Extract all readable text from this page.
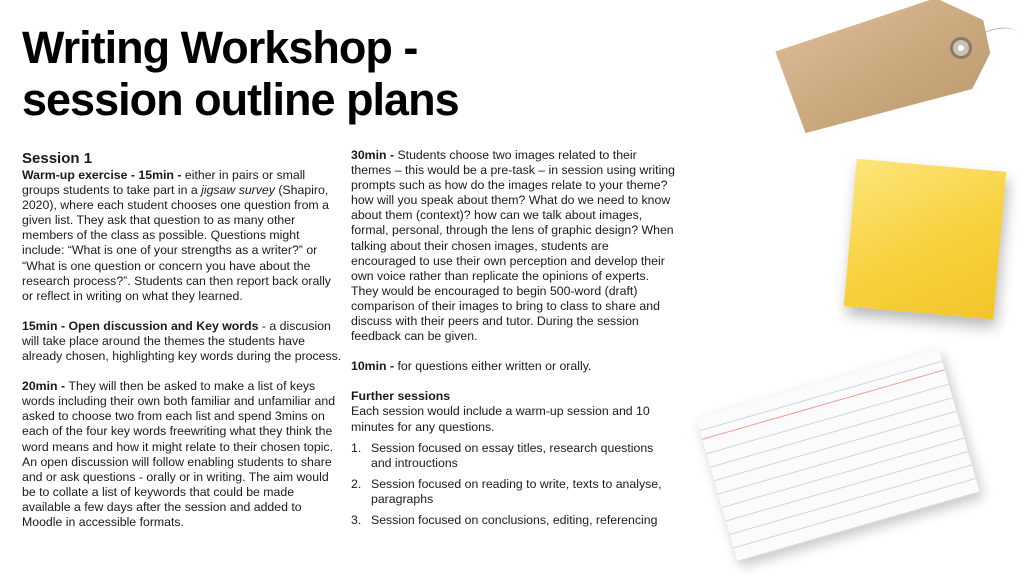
Writing Workshop -
session outline plans

Session 1

Warm-up exercise - 15min - either in pairs or small groups students to take part in a jigsaw survey (Shapiro, 2020), where each student chooses one question from a given list. They ask that question to as many other members of the class as possible. Questions might include: “What is one of your strengths as a writer?” or “What is one question or concern you have about the research process?”. Students can then report back orally or reflect in writing on what they learned.

15min - Open discussion and Key words - a discusion will take place around the themes the students have already chosen, highlighting key words during the process.

20min - They will then be asked to make a list of keys words including their own both familiar and unfamiliar and asked to choose two from each list and spend 3mins on each of the four key words freewriting what they think the word means and how it might relate to their chosen topic. An open discussion will follow enabling students to share and or ask questions - orally or in writing. The aim would be to collate a list of keywords that could be made available a few days after the session and added to Moodle in accessible formats.

30min - Students choose two images related to their themes – this would be a pre-task – in session using writing prompts such as how do the images relate to your theme? how will you speak about them? What do we need to know about them (context)? how can we talk about images, formal, personal, through the lens of graphic design? When talking about their chosen images, students are encouraged to use their own perception and develop their own voice rather than replicate the opinions of experts. They would be encouraged to begin 500-word (draft) comparison of their images to bring to class to share and discuss with their peers and tutor. During the session feedback can be given.

10min - for questions either written or orally.

Further sessions

Each session would include a warm-up session and 10 minutes for any questions.

1. Session focused on essay titles, research questions and introuctions
2. Session focused on reading to write, texts to analyse, paragraphs
3. Session focused on conclusions, editing, referencing
